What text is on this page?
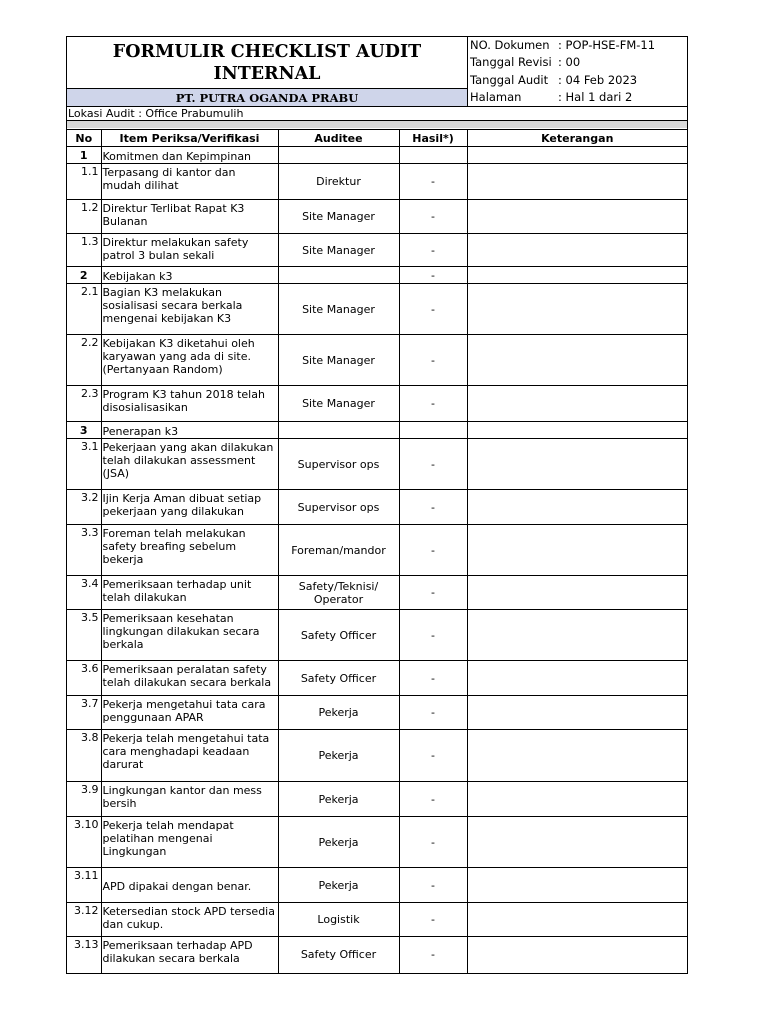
FORMULIR CHECKLIST AUDIT INTERNAL
PT. PUTRA OGANDA PRABU
NO. Dokumen : POP-HSE-FM-11
Tanggal Revisi : 00
Tanggal Audit : 04 Feb 2023
Halaman	: Hal 1 dari 2
Lokasi Audit : Office Prabumulih
No	Item Periksa/Verifikasi	Auditee	Hasil*)	Keterangan
1	Komitmen dan Kepimpinan			
1.1	Terpasang di kantor dan mudah dilihat	Direktur	-	
1.2	Direktur Terlibat Rapat K3 Bulanan	Site Manager	-	
1.3	Direktur melakukan safety patrol 3 bulan sekali	Site Manager	-	
2	Kebijakan k3		-	
2.1	Bagian K3 melakukan sosialisasi secara berkala mengenai kebijakan K3	Site Manager	-	
2.2	Kebijakan K3 diketahui oleh karyawan yang ada di site. (Pertanyaan Random)	Site Manager	-	
2.3	Program K3 tahun 2018 telah disosialisasikan	Site Manager	-	
3	Penerapan k3			
3.1	Pekerjaan yang akan dilakukan telah dilakukan assessment (JSA)	Supervisor ops	-	
3.2	Ijin Kerja Aman dibuat setiap pekerjaan yang dilakukan	Supervisor ops	-	
3.3	Foreman telah melakukan safety breafing sebelum bekerja	Foreman/mandor	-	
3.4	Pemeriksaan terhadap unit telah dilakukan	Safety/Teknisi/ Operator	-	
3.5	Pemeriksaan kesehatan lingkungan dilakukan secara berkala	Safety Officer	-	
3.6	Pemeriksaan peralatan safety telah dilakukan secara berkala	Safety Officer	-	
3.7	Pekerja mengetahui tata cara penggunaan APAR	Pekerja	-	
3.8	Pekerja telah mengetahui tata cara menghadapi keadaan darurat	Pekerja	-	
3.9	Lingkungan kantor dan mess bersih	Pekerja	-	
3.10	Pekerja telah mendapat pelatihan mengenai Lingkungan	Pekerja	-	
3.11	APD dipakai dengan benar.	Pekerja	-	
3.12	Ketersedian stock APD tersedia dan cukup.	Logistik	-	
3.13	Pemeriksaan terhadap APD dilakukan secara berkala	Safety Officer	-	
